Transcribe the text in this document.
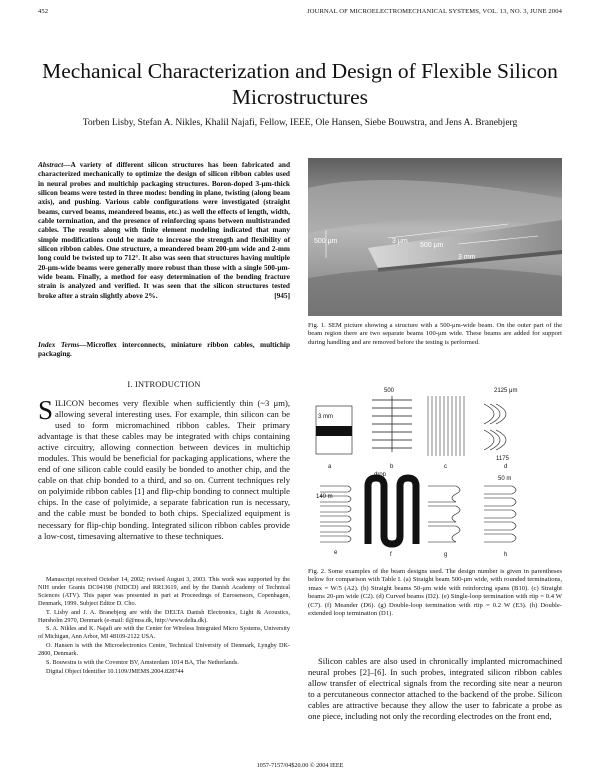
452	JOURNAL OF MICROELECTROMECHANICAL SYSTEMS, VOL. 13, NO. 3, JUNE 2004
Mechanical Characterization and Design of Flexible Silicon Microstructures
Torben Lisby, Stefan A. Nikles, Khalil Najafi, Fellow, IEEE, Ole Hansen, Siebe Bouwstra, and Jens A. Branebjerg
Abstract—A variety of different silicon structures has been fabricated and characterized mechanically to optimize the design of silicon ribbon cables used in neural probes and multichip packaging structures. Boron-doped 3-μm-thick silicon beams were tested in three modes: bending in plane, twisting (along beam axis), and pushing. Various cable configurations were investigated (straight beams, curved beams, meandered beams, etc.) as well the effects of length, width, cable termination, and the presence of reinforcing spans between multistranded cables. The results along with finite element modeling indicated that many simple modifications could be made to increase the strength and flexibility of silicon ribbon cables. One structure, a meandered beam 200-μm wide and 2-mm long could be twisted up to 712°. It also was seen that structures having multiple 20-μm-wide beams were generally more robust than those with a single 500-μm-wide beam. Finally, a method for easy determination of the bending fracture strain is analyzed and verified. It was seen that the silicon structures tested broke after a strain slightly above 2%.	[945]
Index Terms—Microflex interconnects, miniature ribbon cables, multichip packaging.
I. INTRODUCTION
SILICON becomes very flexible when sufficiently thin (~3 μm), allowing several interesting uses. For example, thin silicon can be used to form micromachined ribbon cables. Their primary advantage is that these cables may be integrated with chips containing active circuitry, allowing connection between devices in multichip modules. This would be beneficial for packaging applications, where the end of one silicon cable could easily be bonded to another chip, and the cable on that chip bonded to a third, and so on. Current techniques rely on polyimide ribbon cables [1] and flip-chip bonding to connect multiple chips. In the case of polyimide, a separate fabrication run is necessary, and the cable must be bonded to both chips. Specialized equipment is necessary for flip-chip bonding. Integrated silicon ribbon cables provide a low-cost, timesaving alternative to these techniques.

Manuscript received October 14, 2002; revised August 3, 2003. This work was supported by the NIH under Grants DC04198 (NIDCD) and RR13619, and by the Danish Academy of Technical Sciences (ATV). This paper was presented in part at Proceedings of Eurosensors, Copenhagen, Denmark, 1999. Subject Editor D. Cho.

T. Lisby and J. A. Branebjerg are with the DELTA Danish Electronics, Light & Acoustics, Hørsholm 2970, Denmark (e-mail: tl@mss.dk, http://www.delta.dk).

S. A. Nikles and K. Najafi are with the Center for Wireless Integrated Micro Systems, University of Michigan, Ann Arbor, MI 48109-2122 USA.

O. Hansen is with the Microelectronics Centre, Technical University of Denmark, Lyngby DK-2800, Denmark.

S. Bouwstra is with the Coventor BV, Amsterdam 1014 BA, The Netherlands.

Digital Object Identifier 10.1109/JMEMS.2004.828744

500 μm	3 μm
500 μm
3 mm
Fig. 1. SEM picture showing a structure with a 500-μm-wide beam. On the outer part of the beam region there are two separate beams 100-μm wide. These beams are added for support during handling and are removed before the testing is performed.
3 mm
a
500
b	c
2125 μm
1175
d
140 m
e
drop
f	g
50 m
h
Fig. 2. Some examples of the beam designs used. The design number is given in parentheses below for comparison with Table I. (a) Straight beam 500-μm wide, with rounded terminations, τmax = W/5 (A2). (b) Straight beams 50-μm wide with reinforcing spans (B10). (c) Straight beams 20-μm wide (C2). (d) Curved beams (D2). (e) Single-loop termination with rtip = 0.4 W (C7). (f) Meander (D6). (g) Double-loop termination with rtip = 0.2 W (E3). (h) Double-extended loop termination (D1).

Silicon cables are also used in chronically implanted micromachined neural probes [2]–[6]. In such probes, integrated silicon ribbon cables allow transfer of electrical signals from the recording site near a neuron to a percutaneous connector attached to the backend of the probe. Silicon cables are attractive because they allow the user to fabricate a probe as one piece, including not only the recording electrodes on the front end,

1057-7157/04$20.00 © 2004 IEEE
